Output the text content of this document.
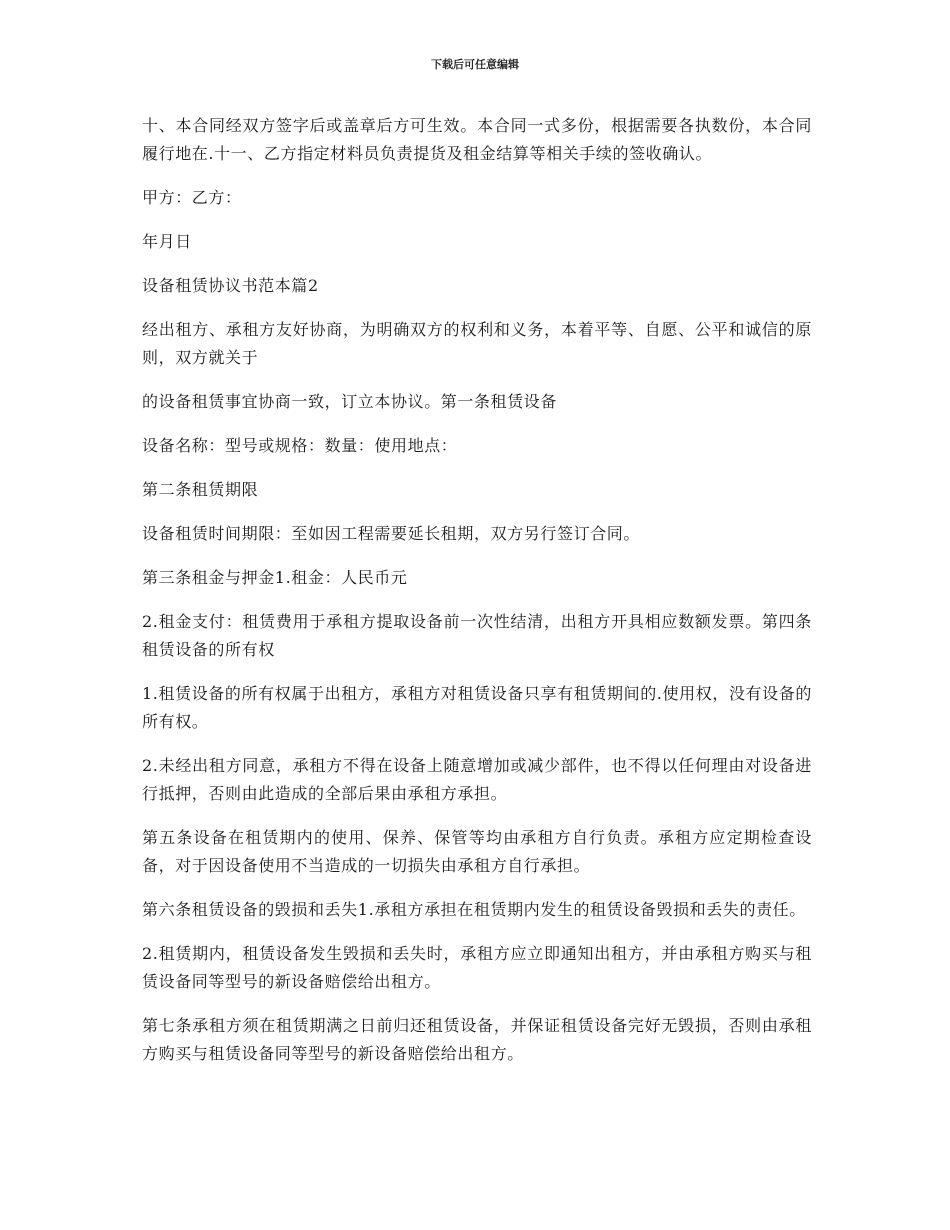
下载后可任意编辑

十、本合同经双方签字后或盖章后方可生效。本合同一式多份，根据需要各执数份，本合同履行地在.十一、乙方指定材料员负责提货及租金结算等相关手续的签收确认。

甲方：乙方：

年月日

设备租赁协议书范本篇2

经出租方、承租方友好协商，为明确双方的权利和义务，本着平等、自愿、公平和诚信的原则，双方就关于

的设备租赁事宜协商一致，订立本协议。第一条租赁设备

设备名称：型号或规格：数量：使用地点：

第二条租赁期限

设备租赁时间期限：至如因工程需要延长租期，双方另行签订合同。

第三条租金与押金1.租金：人民币元

2.租金支付：租赁费用于承租方提取设备前一次性结清，出租方开具相应数额发票。第四条租赁设备的所有权

1.租赁设备的所有权属于出租方，承租方对租赁设备只享有租赁期间的.使用权，没有设备的所有权。

2.未经出租方同意，承租方不得在设备上随意增加或减少部件，也不得以任何理由对设备进行抵押，否则由此造成的全部后果由承租方承担。

第五条设备在租赁期内的使用、保养、保管等均由承租方自行负责。承租方应定期检查设备，对于因设备使用不当造成的一切损失由承租方自行承担。

第六条租赁设备的毁损和丢失1.承租方承担在租赁期内发生的租赁设备毁损和丢失的责任。

2.租赁期内，租赁设备发生毁损和丢失时，承租方应立即通知出租方，并由承租方购买与租赁设备同等型号的新设备赔偿给出租方。

第七条承租方须在租赁期满之日前归还租赁设备，并保证租赁设备完好无毁损，否则由承租方购买与租赁设备同等型号的新设备赔偿给出租方。
